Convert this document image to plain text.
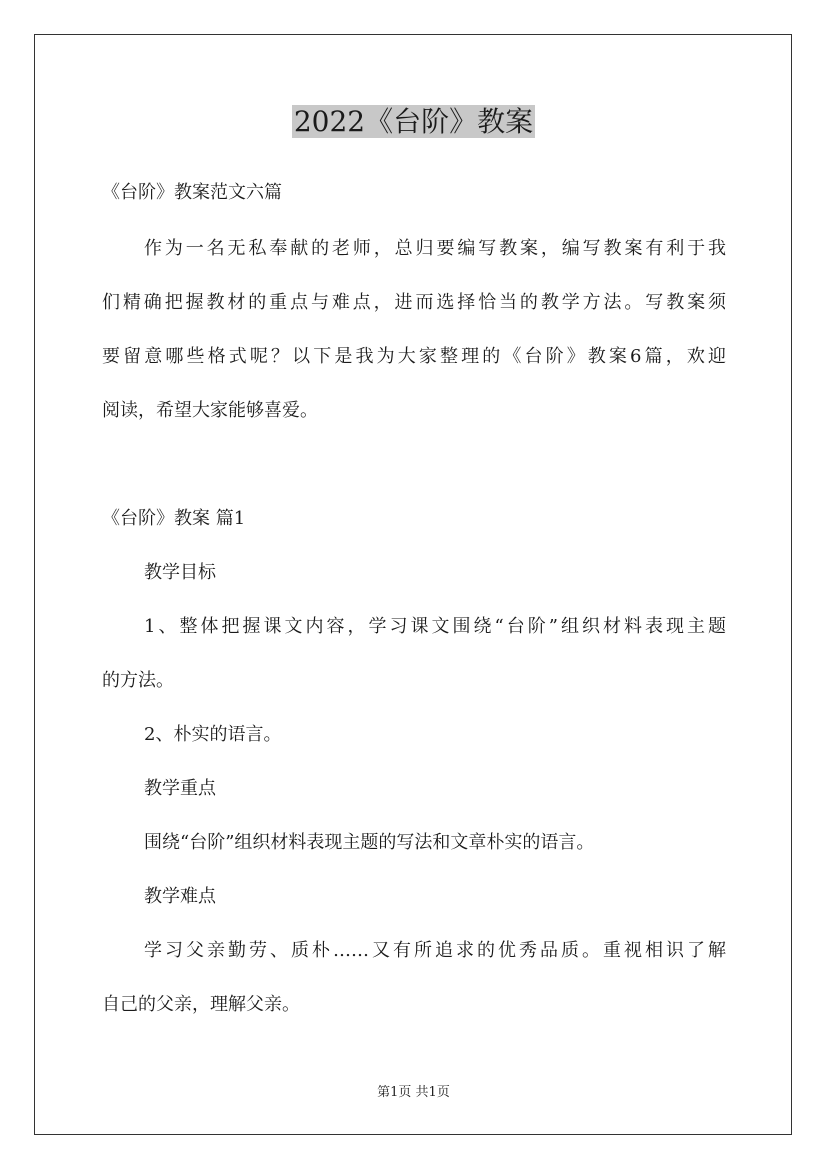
2022《台阶》教案
《台阶》教案范文六篇
作为一名无私奉献的老师，总归要编写教案，编写教案有利于我
们精确把握教材的重点与难点，进而选择恰当的教学方法。写教案须
要留意哪些格式呢？以下是我为大家整理的《台阶》教案6篇，欢迎
阅读，希望大家能够喜爱。
《台阶》教案 篇1
教学目标
1、整体把握课文内容，学习课文围绕“台阶”组织材料表现主题
的方法。
2、朴实的语言。
教学重点
围绕“台阶”组织材料表现主题的写法和文章朴实的语言。
教学难点
学习父亲勤劳、质朴……又有所追求的优秀品质。重视相识了解
自己的父亲，理解父亲。
第1页 共1页
